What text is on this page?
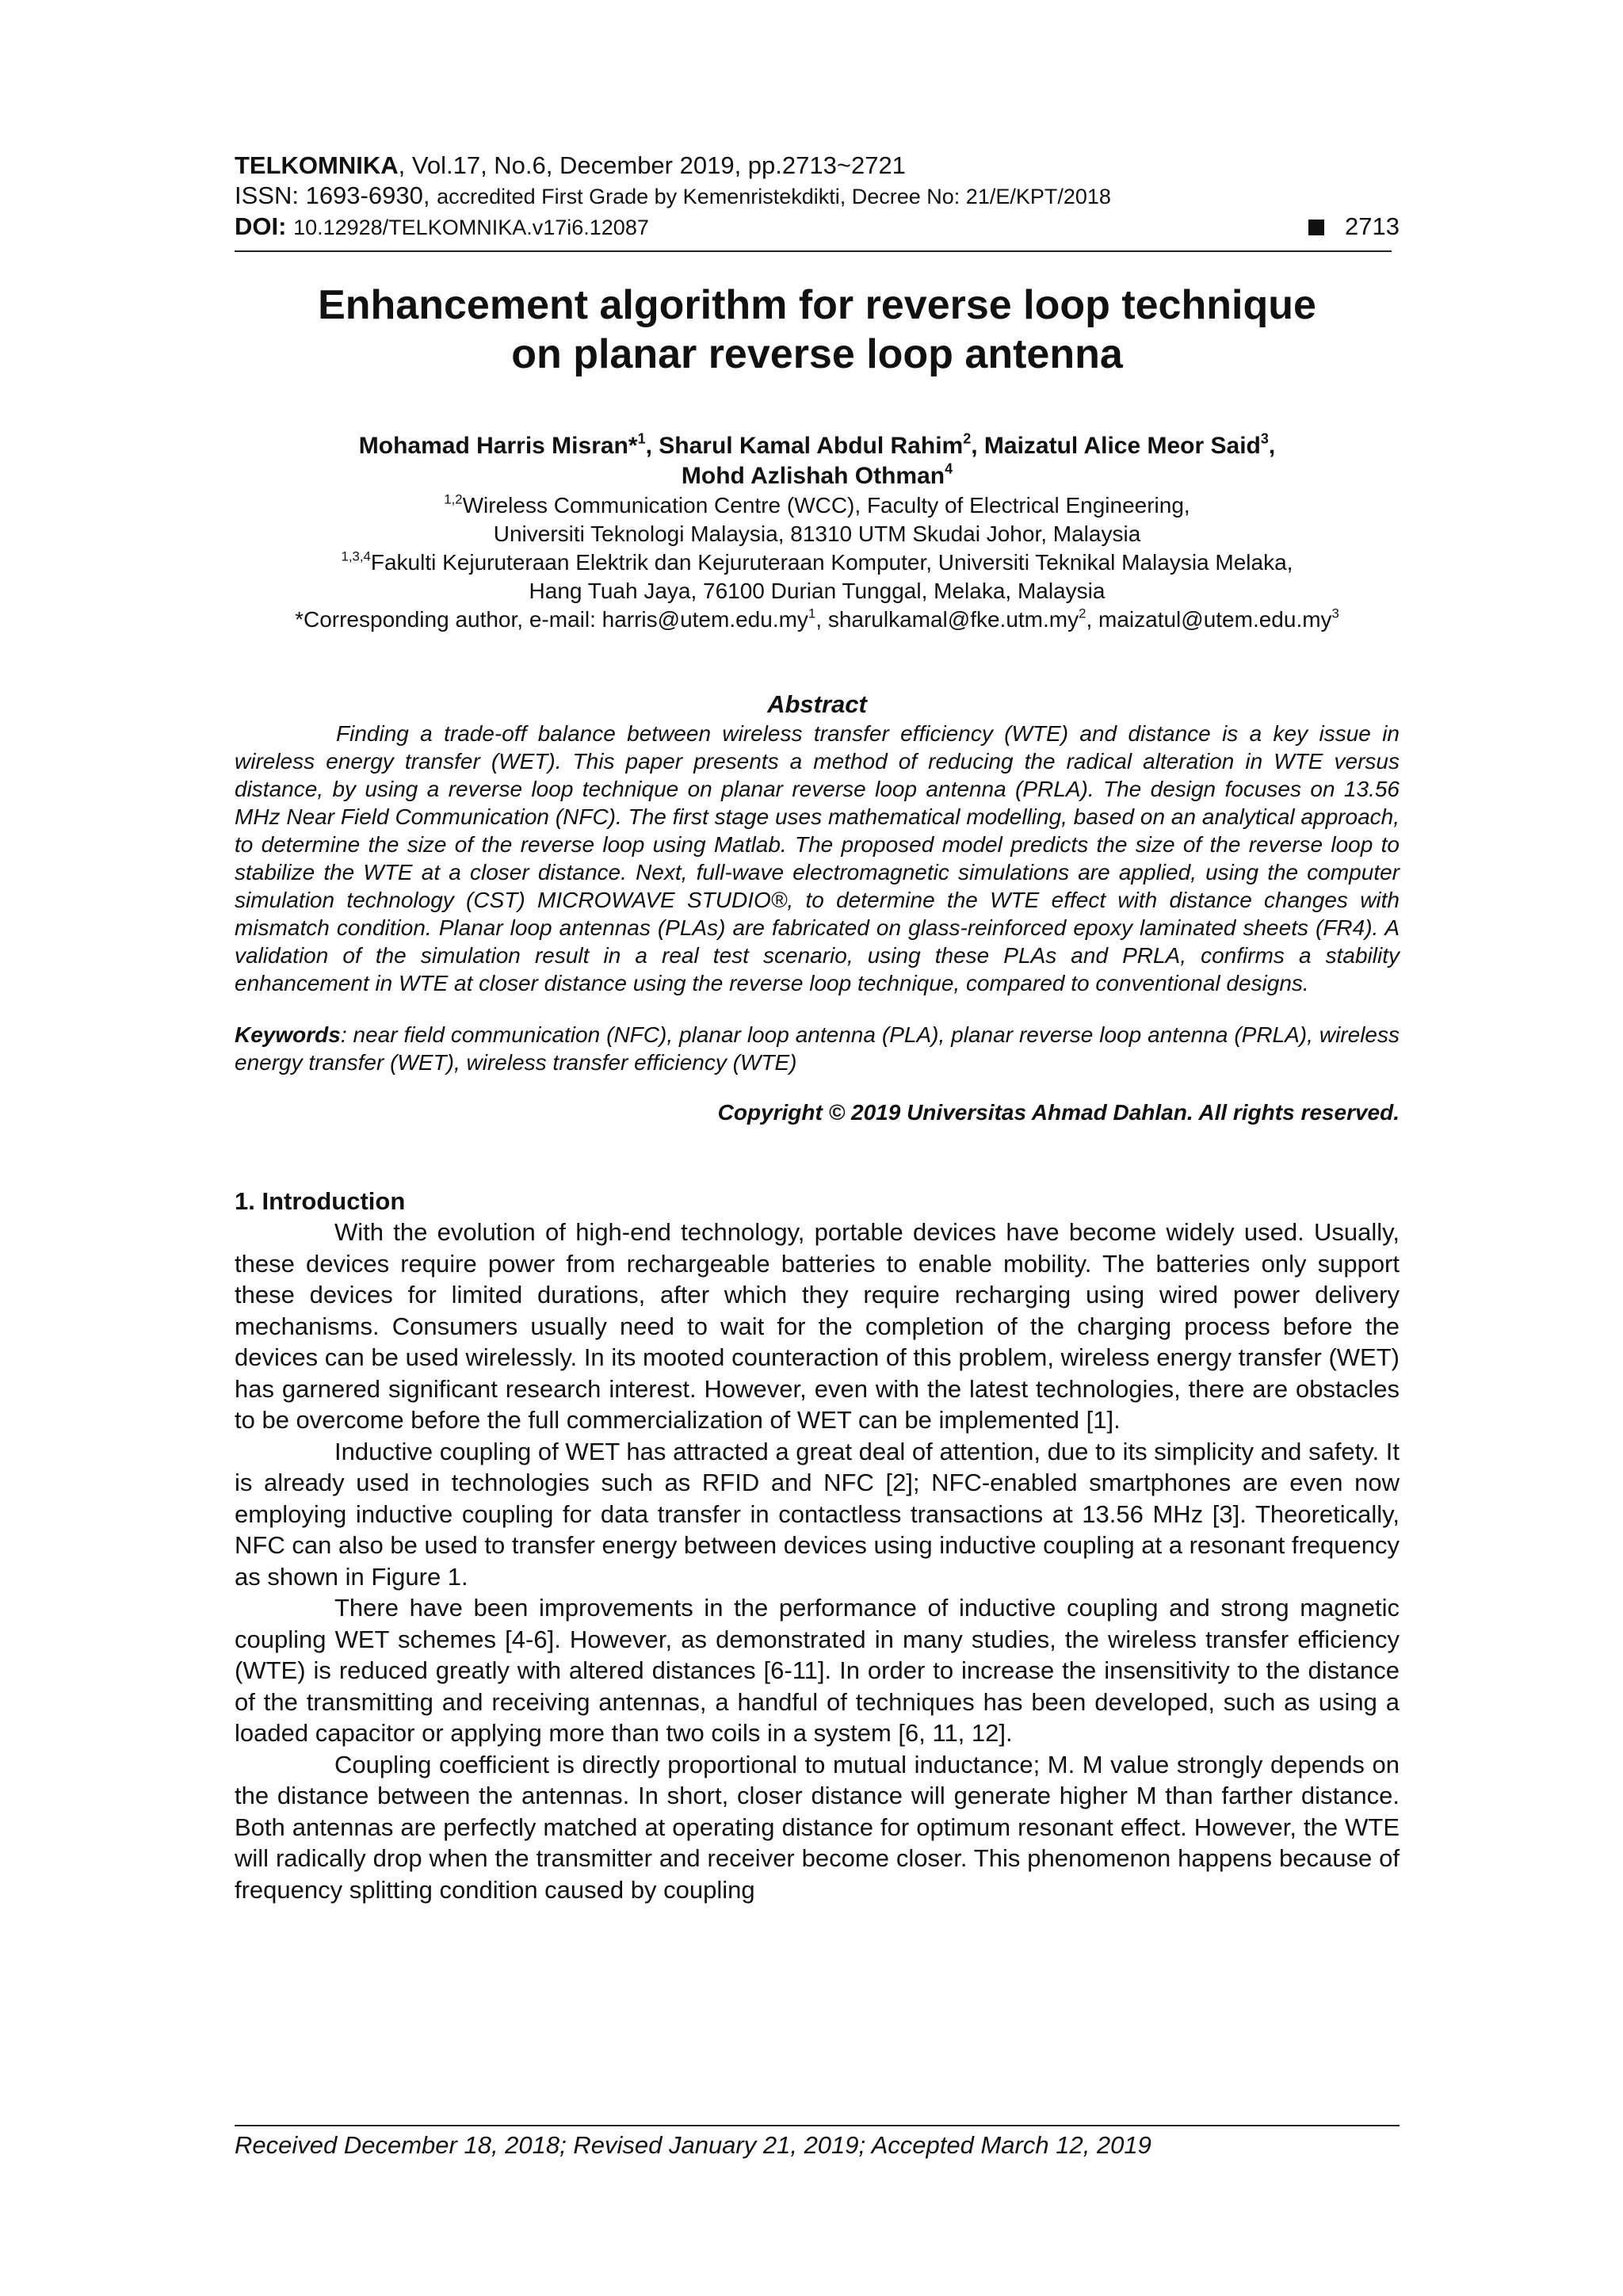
TELKOMNIKA, Vol.17, No.6, December 2019, pp.2713~2721
ISSN: 1693-6930, accredited First Grade by Kemenristekdikti, Decree No: 21/E/KPT/2018
DOI: 10.12928/TELKOMNIKA.v17i6.12087	2713
Enhancement algorithm for reverse loop technique
on planar reverse loop antenna
Mohamad Harris Misran*$^1$, Sharul Kamal Abdul Rahim$^2$, Maizatul Alice Meor Said$^3$,
Mohd Azlishah Othman$^4$
$^{1,2}$Wireless Communication Centre (WCC), Faculty of Electrical Engineering,
Universiti Teknologi Malaysia, 81310 UTM Skudai Johor, Malaysia
$^{1,3,4}$Fakulti Kejuruteraan Elektrik dan Kejuruteraan Komputer, Universiti Teknikal Malaysia Melaka,
Hang Tuah Jaya, 76100 Durian Tunggal, Melaka, Malaysia
*Corresponding author, e-mail: $harris@utem.edu.my^1$, $sharulkamal@fke.utm.my^2$, $maizatul@utem.edu.my^3$
Abstract

Finding a trade-off balance between wireless transfer efficiency (WTE) and distance is a key issue in wireless energy transfer (WET). This paper presents a method of reducing the radical alteration in WTE versus distance, by using a reverse loop technique on planar reverse loop antenna (PRLA). The design focuses on 13.56 MHz Near Field Communication (NFC). The first stage uses mathematical modelling, based on an analytical approach, to determine the size of the reverse loop using Matlab. The proposed model predicts the size of the reverse loop to stabilize the WTE at a closer distance. Next, full-wave electromagnetic simulations are applied, using the computer simulation technology (CST) MICROWAVE STUDIO®, to determine the WTE effect with distance changes with mismatch condition. Planar loop antennas (PLAs) are fabricated on glass-reinforced epoxy laminated sheets (FR4). A validation of the simulation result in a real test scenario, using these PLAs and PRLA, confirms a stability enhancement in WTE at closer distance using the reverse loop technique, compared to conventional designs.

Keywords: near field communication (NFC), planar loop antenna (PLA), planar reverse loop antenna (PRLA), wireless energy transfer (WET), wireless transfer efficiency (WTE)
Copyright © 2019 Universitas Ahmad Dahlan. All rights reserved.
1. Introduction

With the evolution of high-end technology, portable devices have become widely used. Usually, these devices require power from rechargeable batteries to enable mobility. The batteries only support these devices for limited durations, after which they require recharging using wired power delivery mechanisms. Consumers usually need to wait for the completion of the charging process before the devices can be used wirelessly. In its mooted counteraction of this problem, wireless energy transfer (WET) has garnered significant research interest. However, even with the latest technologies, there are obstacles to be overcome before the full commercialization of WET can be implemented [1].

Inductive coupling of WET has attracted a great deal of attention, due to its simplicity and safety. It is already used in technologies such as RFID and NFC [2]; NFC-enabled smartphones are even now employing inductive coupling for data transfer in contactless transactions at 13.56 MHz [3]. Theoretically, NFC can also be used to transfer energy between devices using inductive coupling at a resonant frequency as shown in Figure 1.

There have been improvements in the performance of inductive coupling and strong magnetic coupling WET schemes [4-6]. However, as demonstrated in many studies, the wireless transfer efficiency (WTE) is reduced greatly with altered distances [6-11]. In order to increase the insensitivity to the distance of the transmitting and receiving antennas, a handful of techniques has been developed, such as using a loaded capacitor or applying more than two coils in a system [6, 11, 12].

Coupling coefficient is directly proportional to mutual inductance; M. M value strongly depends on the distance between the antennas. In short, closer distance will generate higher M than farther distance. Both antennas are perfectly matched at operating distance for optimum resonant effect. However, the WTE will radically drop when the transmitter and receiver become closer. This phenomenon happens because of frequency splitting condition caused by coupling

Received December 18, 2018; Revised January 21, 2019; Accepted March 12, 2019
